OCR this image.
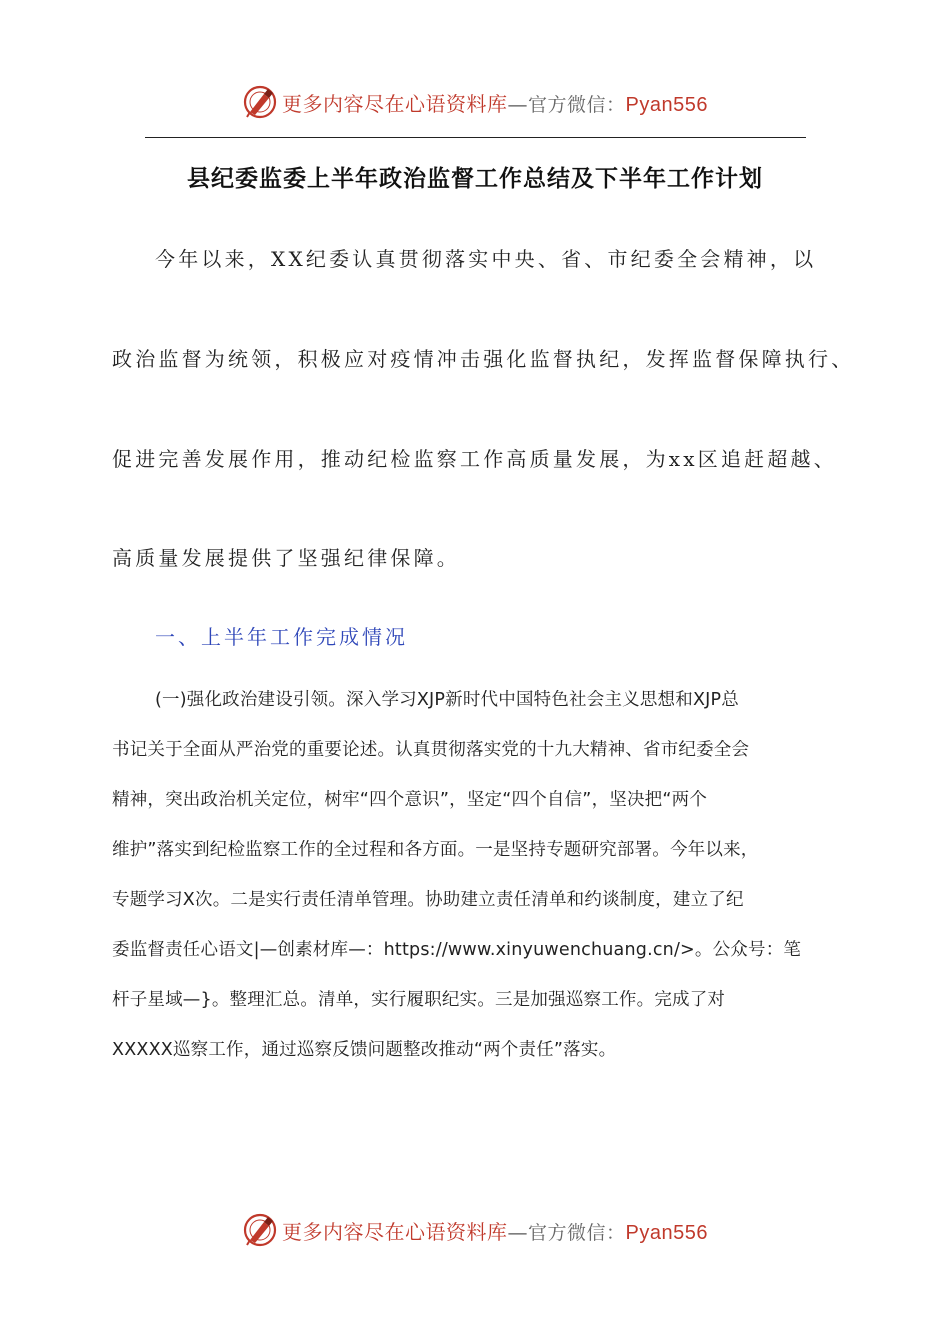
更多内容尽在心语资料库—官方微信：Pyan556
县纪委监委上半年政治监督工作总结及下半年工作计划
今年以来，XX纪委认真贯彻落实中央、省、市纪委全会精神，以
政治监督为统领，积极应对疫情冲击强化监督执纪，发挥监督保障执行、
促进完善发展作用，推动纪检监察工作高质量发展，为xx区追赶超越、
高质量发展提供了坚强纪律保障。
一、上半年工作完成情况
(一)强化政治建设引领。深入学习XJP新时代中国特色社会主义思想和XJP总
书记关于全面从严治党的重要论述。认真贯彻落实党的十九大精神、省市纪委全会
精神，突出政治机关定位，树牢“四个意识”，坚定“四个自信”，坚决把“两个
维护”落实到纪检监察工作的全过程和各方面。一是坚持专题研究部署。今年以来，
专题学习X次。二是实行责任清单管理。协助建立责任清单和约谈制度，建立了纪
委监督责任心语文|—创素材库—：https://www.xinyuwenchuang.cn/>。公众号：笔
杆子星域—}。整理汇总。清单，实行履职纪实。三是加强巡察工作。完成了对
XXXXX巡察工作，通过巡察反馈问题整改推动“两个责任”落实。
更多内容尽在心语资料库—官方微信：Pyan556
